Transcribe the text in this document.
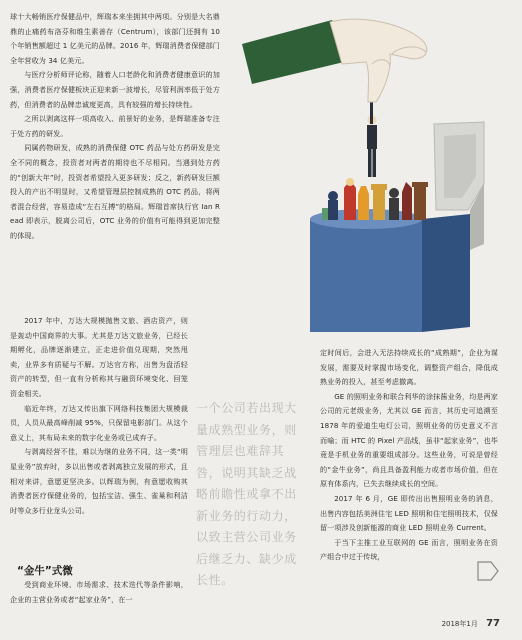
球十大畅销医疗保健品中，辉瑞本来坐拥其中两项。分别是大名鼎鼎的止痛药布洛芬和维生素善存（Centrum），该部门还拥有 10 个年销售额超过 1 亿美元的品牌。2016 年，辉瑞消费者保健部门全年营收为 34 亿美元。

与医疗分析师评论称，随着人口老龄化和消费者健康意识的加强，消费者医疗保健板块正迎来新一波增长，尽管利润率低于处方药，但消费者的品牌忠诚度更高，具有较强的增长持续性。

之所以剥离这样一项高收入、前景好的业务，是辉瑞准备专注于处方药的研发。

同属药物研发，成熟的消费保健 OTC 药品与处方药研发是完全不同的概念，投资者对两者的期待也不尽相同。当遇到处方药的“创新大年”时，投资者希望投入更多研发；反之，新药研发巨额投入的产出不明显时，又希望管理层控制成熟的 OTC 药品，将两者混合经营，容易造成“左右互搏”的格局。辉瑞首席执行官 Ian Read 即表示，脱离公司后，OTC 业务的价值有可能得到更加完整的体现。

2017 年中，万达大规模抛售文旅、酒店资产，则是轰动中国商界的大事。尤其是万达文旅业务，已经长期孵化，品牌逐渐建立，正走进价值兑现期，突然甩卖，业界多有质疑与不解。万达官方称，出售为盘活轻资产的转型，但一直有分析称其与融资环境变化、回笼资金相关。

临近年终，万达又传出旗下网络科技集团大规模裁员，人员从最高峰削减 95%，只保留电影部门。从这个意义上，其布局未来的数字化业务或已成弃子。

与剥离经营不佳，难以为继的业务不同，这一类“明星业务”放弃时，多以出售或者剥离独立发展的形式，且相对来讲，意愿更坚决多。以辉瑞为例，有意愿收购其消费者医疗保健业务的，包括宝洁、强生、雀巢和利洁时等众多行业龙头公司。

“金牛”式微

受到商业环境、市场需求、技术迭代等条件影响，企业的主营业务或者“起家业务”，在一

一个公司若出现大量成熟型业务，则管理层也难辞其咎，说明其缺乏战略前瞻性或拿不出新业务的行动力，以致主营公司业务后继乏力、缺少成长性。

定时间后，会进入无法持续成长的“成熟期”，企业为谋发展，需要及时掌握市场变化，调整资产组合，降低成熟业务的投入，甚至考虑撤离。

GE 的照明业务和联合利华的涂抹酱业务，均是两家公司的元老级业务，尤其以 GE 而言，其历史可追溯至 1878 年的爱迪生电灯公司，照明业务的历史意义不言而喻；而 HTC 的 Pixel 产品线，虽非“起家业务”，也毕竟是手机业务的重要组成部分。这些业务，可说是曾经的“金牛业务”，尚且具备盈利能力或者市场价值，但在原有体系内，已失去继续成长的空间。

2017 年 6 月，GE 即传出出售照明业务的消息，出售内容包括美洲住宅 LED 照明和住宅照明技术，仅保留一项涉及创新能源的商业 LED 照明业务 Current。

于当下主推工业互联网的 GE 而言，照明业务在资产组合中过于传统，

2018年1月 77
